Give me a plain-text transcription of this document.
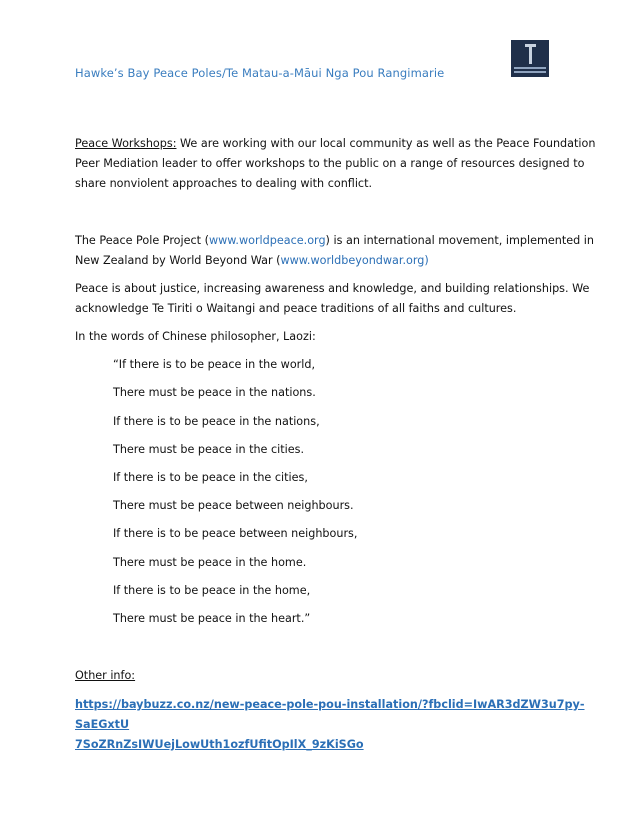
Hawke’s Bay Peace Poles/Te Matau-a-Māui Nga Pou Rangimarie
Peace Workshops: We are working with our local community as well as the Peace Foundation
Peer Mediation leader to offer workshops to the public on a range of resources designed to
share nonviolent approaches to dealing with conflict.
The Peace Pole Project (www.worldpeace.org) is an international movement, implemented in
New Zealand by World Beyond War (www.worldbeyondwar.org)
Peace is about justice, increasing awareness and knowledge, and building relationships. We
acknowledge Te Tiriti o Waitangi and peace traditions of all faiths and cultures.
In the words of Chinese philosopher, Laozi:
“If there is to be peace in the world,
There must be peace in the nations.
If there is to be peace in the nations,
There must be peace in the cities.
If there is to be peace in the cities,
There must be peace between neighbours.
If there is to be peace between neighbours,
There must be peace in the home.
If there is to be peace in the home,
There must be peace in the heart.”
Other info:
https://baybuzz.co.nz/new-peace-pole-pou-installation/?fbclid=IwAR3dZW3u7py-SaEGxtU
7SoZRnZsIWUejLowUth1ozfUfitOpIlX_9zKiSGo
